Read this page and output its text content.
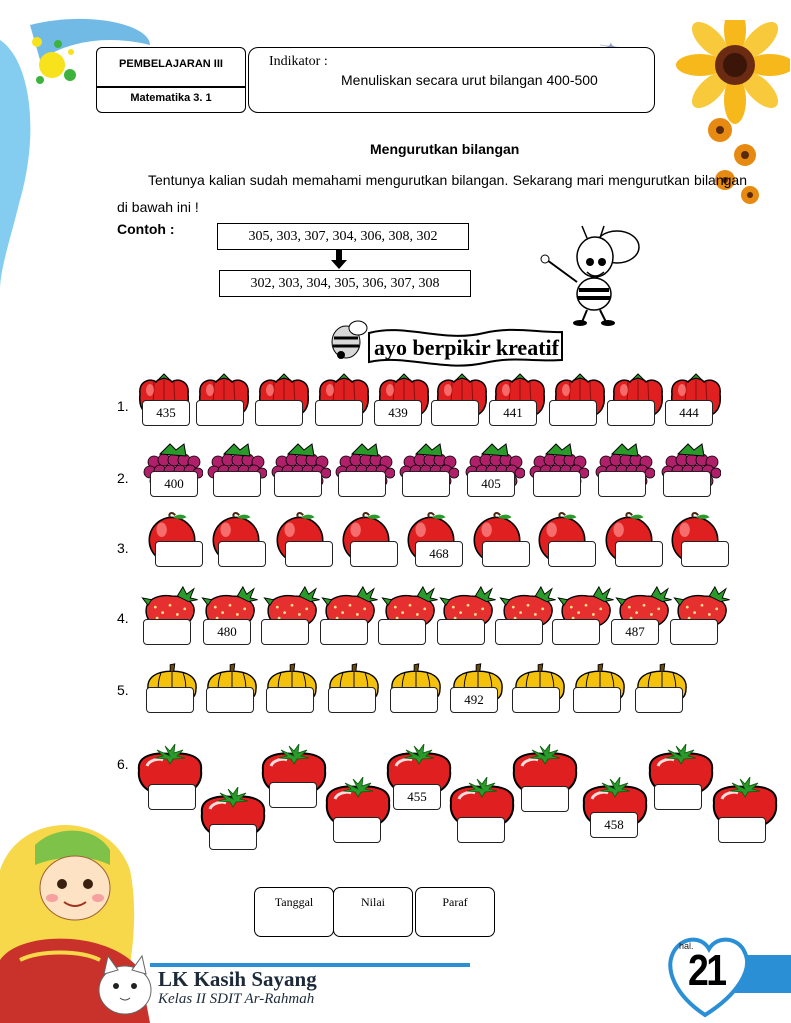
PEMBELAJARAN III
Matematika 3. 1
Indikator :
Menuliskan secara urut bilangan 400-500
Mengurutkan bilangan
Tentunya kalian sudah memahami mengurutkan bilangan. Sekarang mari mengurutkan bilangan di bawah ini !
Contoh :	305, 303, 307, 304, 306, 308, 302
302, 303, 304, 305, 306, 307, 308
ayo berpikir kreatif
1.	435	439	441	444
2.	400	405
3.	468
4.
480	487
5.
492
6.
455
458
Tanggal	Nilai	Paraf
LK Kasih Sayang
Kelas II SDIT Ar-Rahmah
hal.
21
